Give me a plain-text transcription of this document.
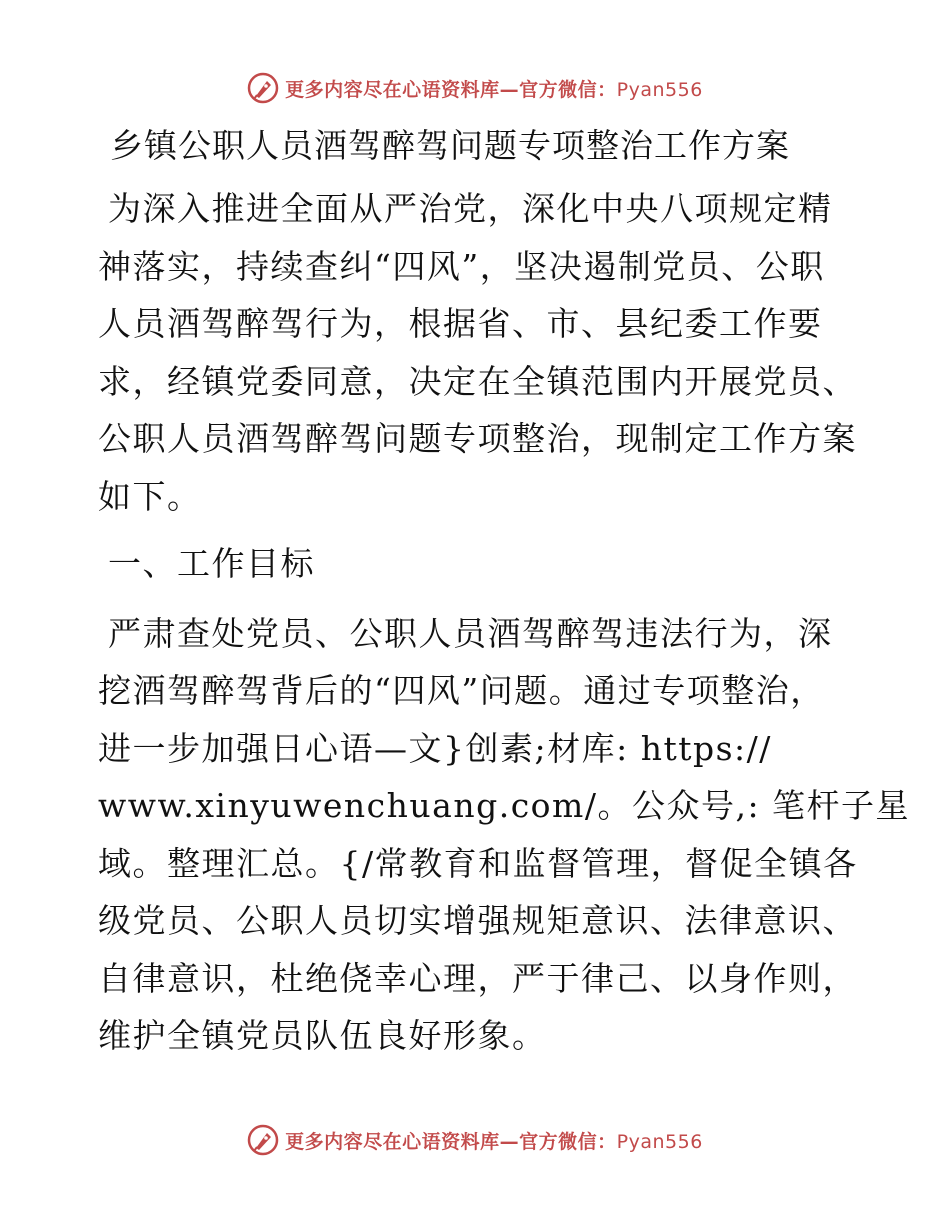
更多内容尽在心语资料库—官方微信：Pyan556
乡镇公职人员酒驾醉驾问题专项整治工作方案

为深入推进全面从严治党，深化中央八项规定精
神落实，持续查纠“四风”，坚决遏制党员、公职
人员酒驾醉驾行为，根据省、市、县纪委工作要
求，经镇党委同意，决定在全镇范围内开展党员、
公职人员酒驾醉驾问题专项整治，现制定工作方案
如下。

一、工作目标

严肃查处党员、公职人员酒驾醉驾违法行为，深
挖酒驾醉驾背后的“四风”问题。通过专项整治，
进一步加强日心语—文}创素;材库: https://
www.xinyuwenchuang.com/。公众号,: 笔杆子星
域。整理汇总。{/常教育和监督管理，督促全镇各
级党员、公职人员切实增强规矩意识、法律意识、
自律意识，杜绝侥幸心理，严于律己、以身作则，
维护全镇党员队伍良好形象。

更多内容尽在心语资料库—官方微信：Pyan556
